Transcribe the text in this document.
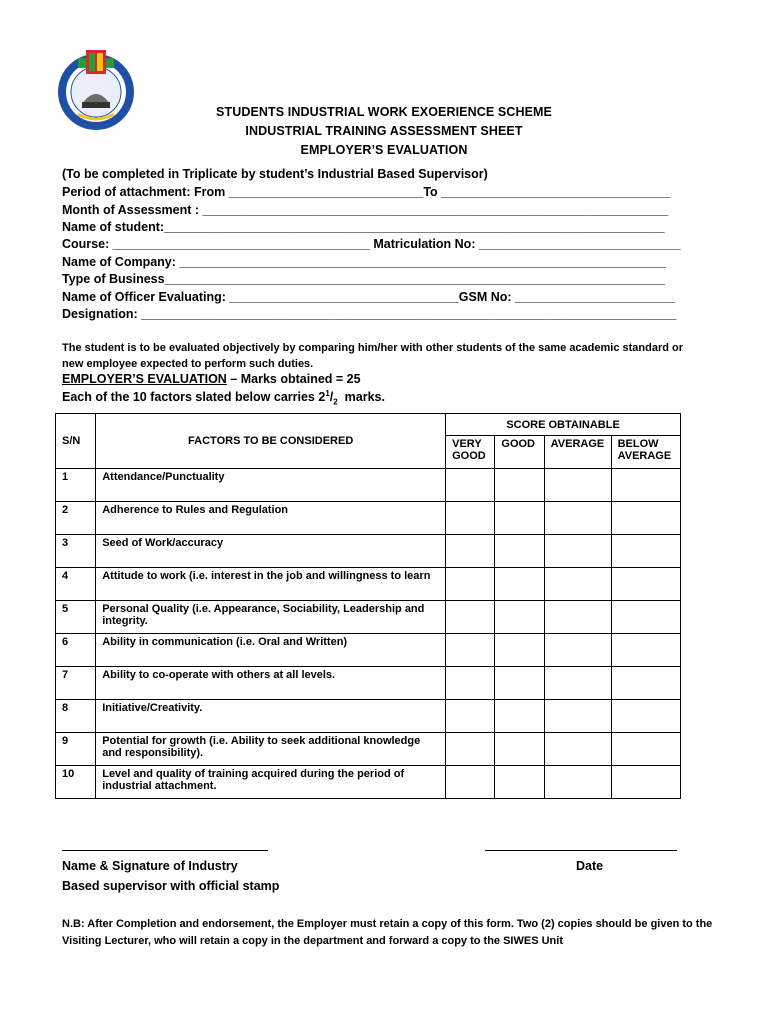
STUDENTS INDUSTRIAL WORK EXOERIENCE SCHEME
INDUSTRIAL TRAINING ASSESSMENT SHEET
EMPLOYER’S EVALUATION
(To be completed in Triplicate by student’s Industrial Based Supervisor)
Period of attachment: From ____________________________To _________________________________
Month of Assessment : ___________________________________________________________________
Name of student:________________________________________________________________________
Course: _____________________________________ Matriculation No: _____________________________
Name of Company: ______________________________________________________________________
Type of Business________________________________________________________________________
Name of Officer Evaluating: _________________________________GSM No: _______________________
Designation: _____________________________________________________________________________
The student is to be evaluated objectively by comparing him/her with other students of the same academic standard or new employee expected to perform such duties.
EMPLOYER’S EVALUATION – Marks obtained = 25
Each of the 10 factors slated below carries $2^1/_2$  marks.
S/N	FACTORS TO BE CONSIDERED	SCORE OBTAINABLE			
		VERY GOOD	GOOD	AVERAGE	BELOW AVERAGE
1	Attendance/Punctuality				
2	Adherence to Rules and Regulation				
3	Seed of Work/accuracy				
4	Attitude to work (i.e. interest in the job and willingness to learn				
5	Personal Quality (i.e. Appearance, Sociability, Leadership and integrity.				
6	Ability in communication (i.e. Oral and Written)				
7	Ability to co-operate with others at all levels.				
8	Initiative/Creativity.				
9	Potential for growth (i.e. Ability to seek additional knowledge and responsibility).				
10	Level and quality of training acquired during the period of industrial attachment.				
Name & Signature of Industry
Based supervisor with official stamp
Date
N.B: After Completion and endorsement, the Employer must retain a copy of this form. Two (2) copies should be given to the Visiting Lecturer, who will retain a copy in the department and forward a copy to the SIWES Unit
